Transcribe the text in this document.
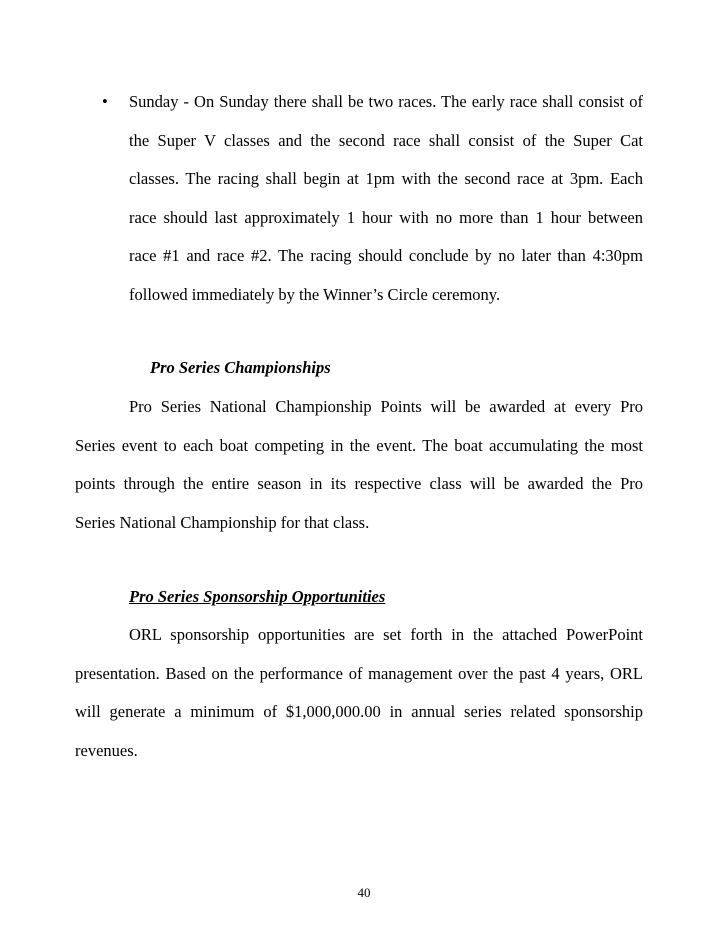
• Sunday - On Sunday there shall be two races. The early race shall consist of
the Super V classes and the second race shall consist of the Super Cat
classes. The racing shall begin at 1pm with the second race at 3pm. Each
race should last approximately 1 hour with no more than 1 hour between
race #1 and race #2. The racing should conclude by no later than 4:30pm
followed immediately by the Winner’s Circle ceremony.
Pro Series Championships
Pro Series National Championship Points will be awarded at every Pro
Series event to each boat competing in the event. The boat accumulating the most
points through the entire season in its respective class will be awarded the Pro
Series National Championship for that class.
Pro Series Sponsorship Opportunities
ORL sponsorship opportunities are set forth in the attached PowerPoint
presentation. Based on the performance of management over the past 4 years, ORL
will generate a minimum of $1,000,000.00 in annual series related sponsorship
revenues.
40
